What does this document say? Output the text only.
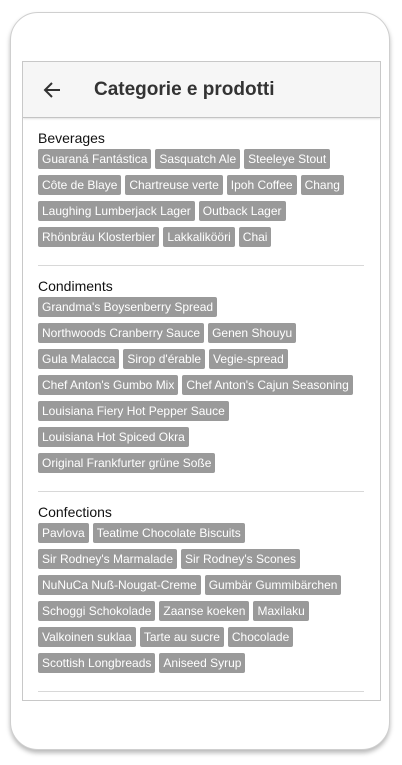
Categorie e prodotti
Beverages
Guaraná Fantástica	Sasquatch Ale	Steeleye Stout
Côte de Blaye	Chartreuse verte	Ipoh Coffee	Chang
Laughing Lumberjack Lager	Outback Lager
Rhönbräu Klosterbier	Lakkalikööri	Chai
Condiments
Grandma's Boysenberry Spread
Northwoods Cranberry Sauce	Genen Shouyu
Gula Malacca	Sirop d'érable	Vegie-spread
Chef Anton's Gumbo Mix	Chef Anton's Cajun Seasoning
Louisiana Fiery Hot Pepper Sauce
Louisiana Hot Spiced Okra
Original Frankfurter grüne Soße
Confections
Pavlova	Teatime Chocolate Biscuits
Sir Rodney's Marmalade	Sir Rodney's Scones
NuNuCa Nuß-Nougat-Creme	Gumbär Gummibärchen
Schoggi Schokolade	Zaanse koeken	Maxilaku
Valkoinen suklaa	Tarte au sucre	Chocolade
Scottish Longbreads	Aniseed Syrup
